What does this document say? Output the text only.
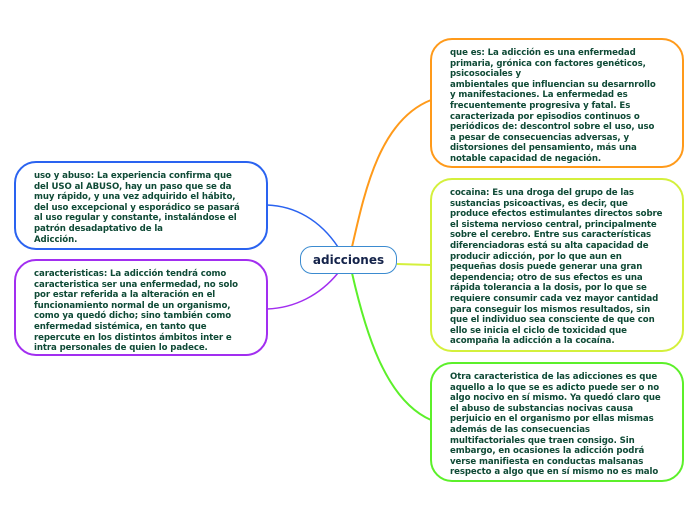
adicciones
que es: La adicción es una enfermedad
primaria, grónica con factores genéticos,
psicosociales y
ambientales que influencian su desarnrollo
y manifestaciones. La enfermedad es
frecuentemente progresiva y fatal. Es
caracterizada por episodios continuos o
periódicos de: descontrol sobre el uso, uso
a pesar de consecuencias adversas, y
distorsiones del pensamiento, más una
notable capacidad de negación.
cocaina: Es una droga del grupo de las
sustancias psicoactivas, es decir, que
produce efectos estimulantes directos sobre
el sistema nervioso central, principalmente
sobre el cerebro. Entre sus características
diferenciadoras está su alta capacidad de
producir adicción, por lo que aun en
pequeñas dosis puede generar una gran
dependencia; otro de sus efectos es una
rápida tolerancia a la dosis, por lo que se
requiere consumir cada vez mayor cantidad
para conseguir los mismos resultados, sin
que el individuo sea consciente de que con
ello se inicia el ciclo de toxicidad que
acompaña la adicción a la cocaína.
Otra caracteristica de las adicciones es que
aquello a lo que se es adicto puede ser o no
algo nocivo en sí mismo. Ya quedó claro que
el abuso de substancias nocivas causa
perjuicio en el organismo por ellas mismas
además de las consecuencias
multifactoriales que traen consigo. Sin
embargo, en ocasiones la adicción podrá
verse manifiesta en conductas malsanas
respecto a algo que en sí mismo no es malo
uso y abuso: La experiencia confirma que
del USO al ABUSO, hay un paso que se da
muy rápido, y una vez adquirido el hábito,
del uso excepcional y esporádico se pasará
al uso regular y constante, instalándose el
patrón desadaptativo de la
Adicción.
caracteristicas: La adicción tendrá como
caracteristica ser una enfermedad, no solo
por estar referida a la alteración en el
funcionamiento normal de un organismo,
como ya quedó dicho; sino también como
enfermedad sistémica, en tanto que
repercute en los distintos ámbitos inter e
intra personales de quien lo padece.
